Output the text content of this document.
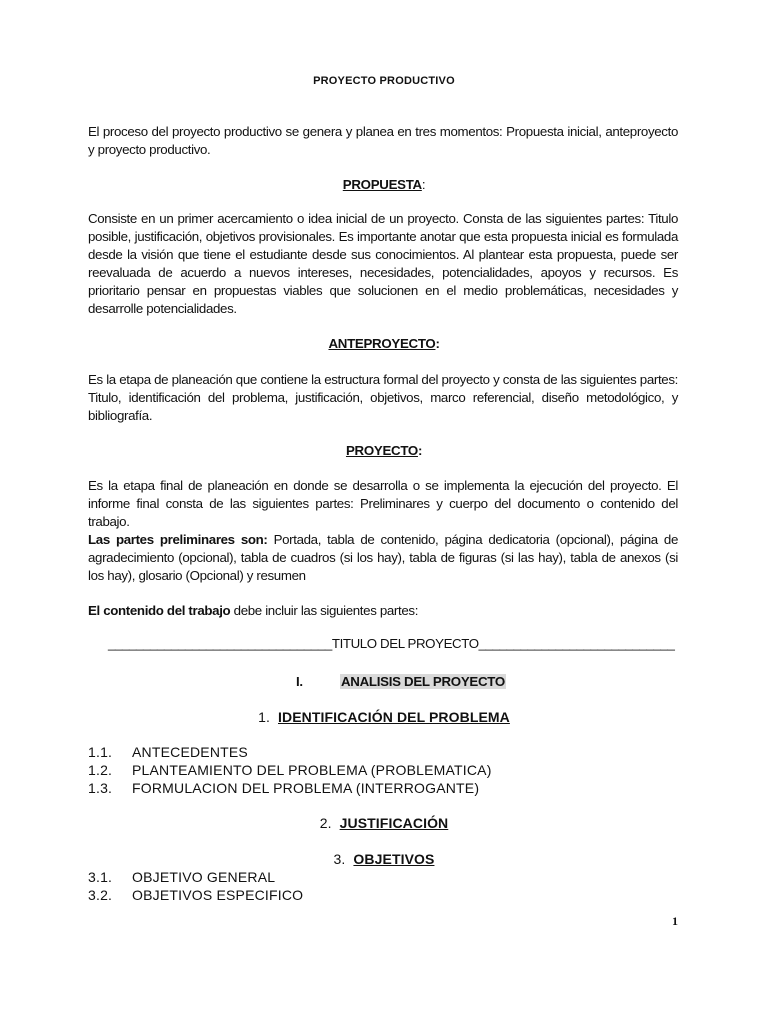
PROYECTO PRODUCTIVO

El proceso del proyecto productivo se genera y planea en tres momentos: Propuesta inicial, anteproyecto y proyecto productivo.

PROPUESTA:

Consiste en un primer acercamiento o idea inicial de un proyecto. Consta de las siguientes partes: Titulo posible, justificación, objetivos provisionales. Es importante anotar que esta propuesta inicial es formulada desde la visión que tiene el estudiante desde sus conocimientos. Al plantear esta propuesta, puede ser reevaluada de acuerdo a nuevos intereses, necesidades, potencialidades, apoyos y recursos. Es prioritario pensar en propuestas viables que solucionen en el medio problemáticas, necesidades y desarrolle potencialidades.

ANTEPROYECTO:

Es la etapa de planeación que contiene la estructura formal del proyecto y consta de las siguientes partes: Titulo, identificación del problema, justificación, objetivos, marco referencial, diseño metodológico, y bibliografía.

PROYECTO:

Es la etapa final de planeación en donde se desarrolla o se implementa la ejecución del proyecto. El informe final consta de las siguientes partes: Preliminares y cuerpo del documento o contenido del trabajo.

Las partes preliminares son: Portada, tabla de contenido, página dedicatoria (opcional), página de agradecimiento (opcional), tabla de cuadros (si los hay), tabla de figuras (si las hay), tabla de anexos (si los hay), glosario (Opcional) y resumen

El contenido del trabajo debe incluir las siguientes partes:

________________________________TITULO DEL PROYECTO____________________________
I.	ANALISIS DEL PROYECTO
1. IDENTIFICACIÓN DEL PROBLEMA
1.1. ANTECEDENTES
1.2. PLANTEAMIENTO DEL PROBLEMA (PROBLEMATICA)
1.3. FORMULACION DEL PROBLEMA (INTERROGANTE)
2. JUSTIFICACIÓN
3. OBJETIVOS
3.1. OBJETIVO GENERAL
3.2. OBJETIVOS ESPECIFICO
1
